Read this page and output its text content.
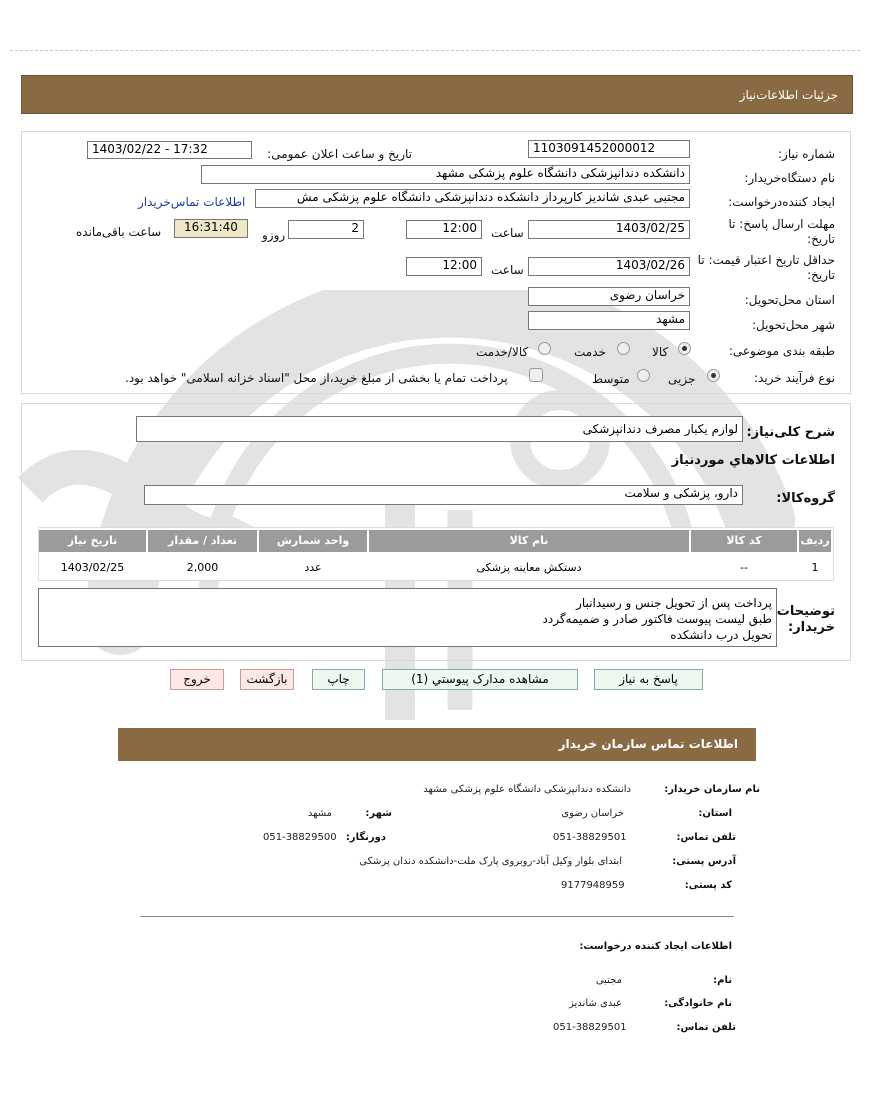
جزئیات اطلاعات‌نیاز
شماره نیاز:
1103091452000012
تاریخ و ساعت اعلان عمومی:
1403/02/22 - 17:32
نام دستگاه‌خریدار:
دانشکده دندانپزشکی دانشگاه علوم پزشکی مشهد
ایجاد کننده‌درخواست:
مجتبی عبدی شاندیز کارپرداز دانشکده دندانپزشکی دانشگاه علوم پزشکی مش
اطلاعات تماس‌خریدار
مهلت ارسال پاسخ: تا تاریخ:
1403/02/25
ساعت
12:00
2
روزو
16:31:40
ساعت باقی‌مانده
حداقل تاریخ اعتبار قیمت: تا تاریخ:
1403/02/26
ساعت
12:00
استان محل‌تحویل:
خراسان رضوی
شهر محل‌تحویل:
مشهد
طبقه بندی موضوعی:
کالا
خدمت
کالا/خدمت
نوع فرآیند خرید:
جزیی
متوسط
پرداخت تمام یا بخشی از مبلغ خرید،از محل "اسناد خزانه اسلامی" خواهد بود.
شرح کلی‌نیاز:
لوازم یکبار مصرف دندانپزشکی
اطلاعات کالاهاي موردنیاز
گروه‌کالا:
دارو، پزشکی و سلامت
ردیف
کد کالا
نام کالا
واحد شمارش
تعداد / مقدار
تاریخ نیاز
1
--
دستکش معاینه پزشکی
عدد
2,000
1403/02/25
توضیحات خریدار:
پرداخت پس از تحویل جنس و رسیدانبار
طبق لیست پیوست فاکتور صادر و ضمیمه‌گردد
تحویل درب دانشکده
پاسخ به نیاز
مشاهده مدارک پیوستي (1)
چاپ
بازگشت
خروج
اطلاعات تماس سازمان خریدار
نام سازمان خریدار:
دانشکده دندانپزشکی دانشگاه علوم پزشکی مشهد
استان:
خراسان رضوی
شهر:
مشهد
تلفن تماس:
051-38829501
دورنگار:
051-38829500
آدرس پستی:
ابتدای بلوار وکیل آباد-روبروی پارک ملت-دانشکده دندان پزشکی
کد پستی:
9177948959
اطلاعات ایجاد کننده درخواست:
نام:
مجتبی
نام خانوادگی:
عبدی شاندیز
تلفن تماس:
051-38829501
